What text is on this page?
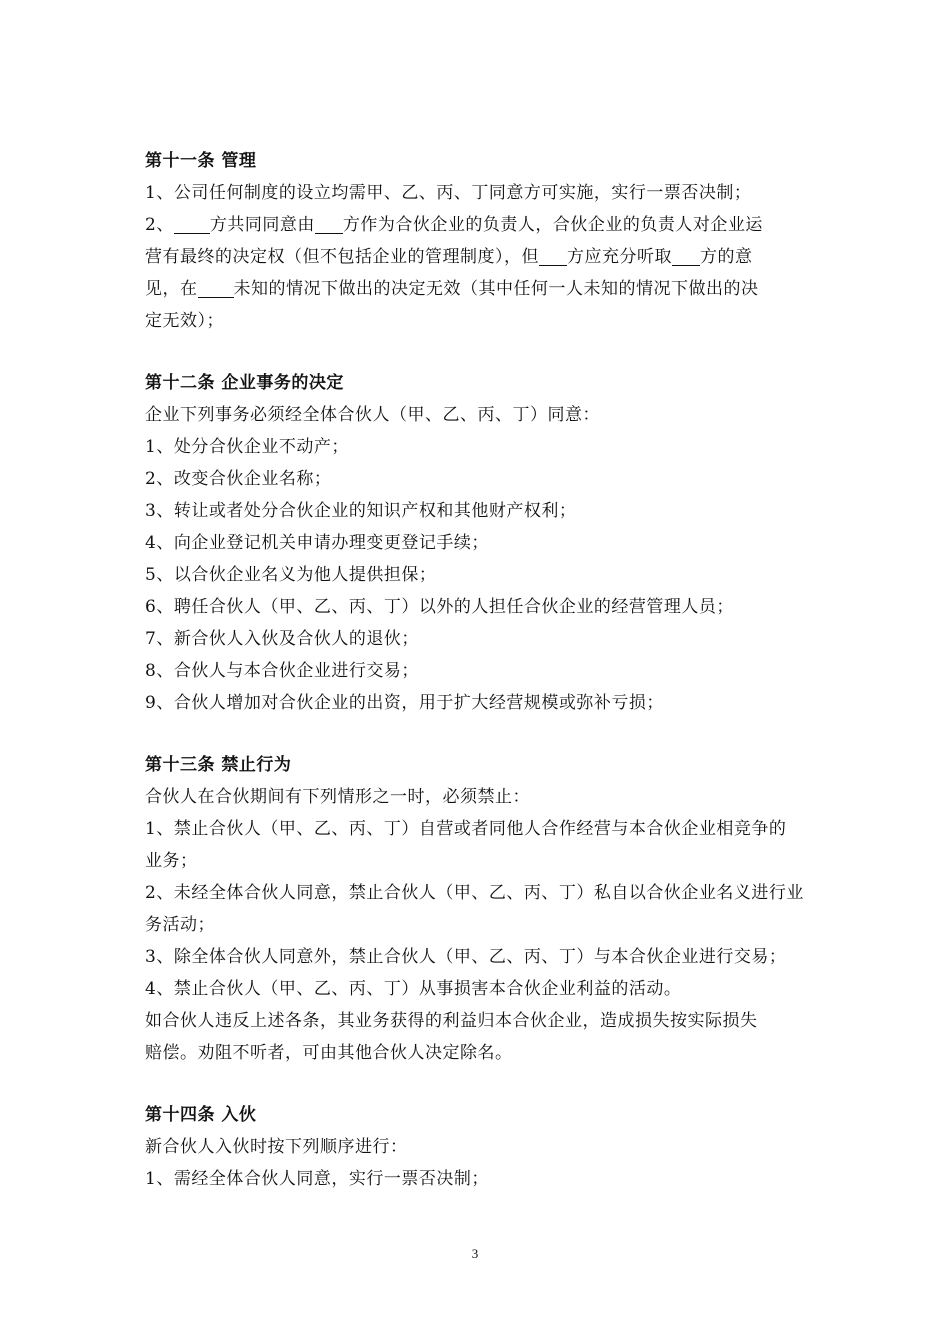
第十一条 管理
1、公司任何制度的设立均需甲、乙、丙、丁同意方可实施，实行一票否决制；
2、 方共同同意由 方作为合伙企业的负责人，合伙企业的负责人对企业运
营有最终的决定权（但不包括企业的管理制度），但 方应充分听取 方的意
见，在 未知的情况下做出的决定无效（其中任何一人未知的情况下做出的决
定无效）；
第十二条 企业事务的决定
企业下列事务必须经全体合伙人（甲、乙、丙、丁）同意：
1、处分合伙企业不动产；
2、改变合伙企业名称；
3、转让或者处分合伙企业的知识产权和其他财产权利；
4、向企业登记机关申请办理变更登记手续；
5、以合伙企业名义为他人提供担保；
6、聘任合伙人（甲、乙、丙、丁）以外的人担任合伙企业的经营管理人员；
7、新合伙人入伙及合伙人的退伙；
8、合伙人与本合伙企业进行交易；
9、合伙人增加对合伙企业的出资，用于扩大经营规模或弥补亏损；
第十三条 禁止行为
合伙人在合伙期间有下列情形之一时，必须禁止：
1、禁止合伙人（甲、乙、丙、丁）自营或者同他人合作经营与本合伙企业相竞争的
业务；
2、未经全体合伙人同意，禁止合伙人（甲、乙、丙、丁）私自以合伙企业名义进行业
务活动；
3、除全体合伙人同意外，禁止合伙人（甲、乙、丙、丁）与本合伙企业进行交易；
4、禁止合伙人（甲、乙、丙、丁）从事损害本合伙企业利益的活动。
如合伙人违反上述各条，其业务获得的利益归本合伙企业，造成损失按实际损失
赔偿。劝阻不听者，可由其他合伙人决定除名。
第十四条 入伙
新合伙人入伙时按下列顺序进行：
1、需经全体合伙人同意，实行一票否决制；
3
